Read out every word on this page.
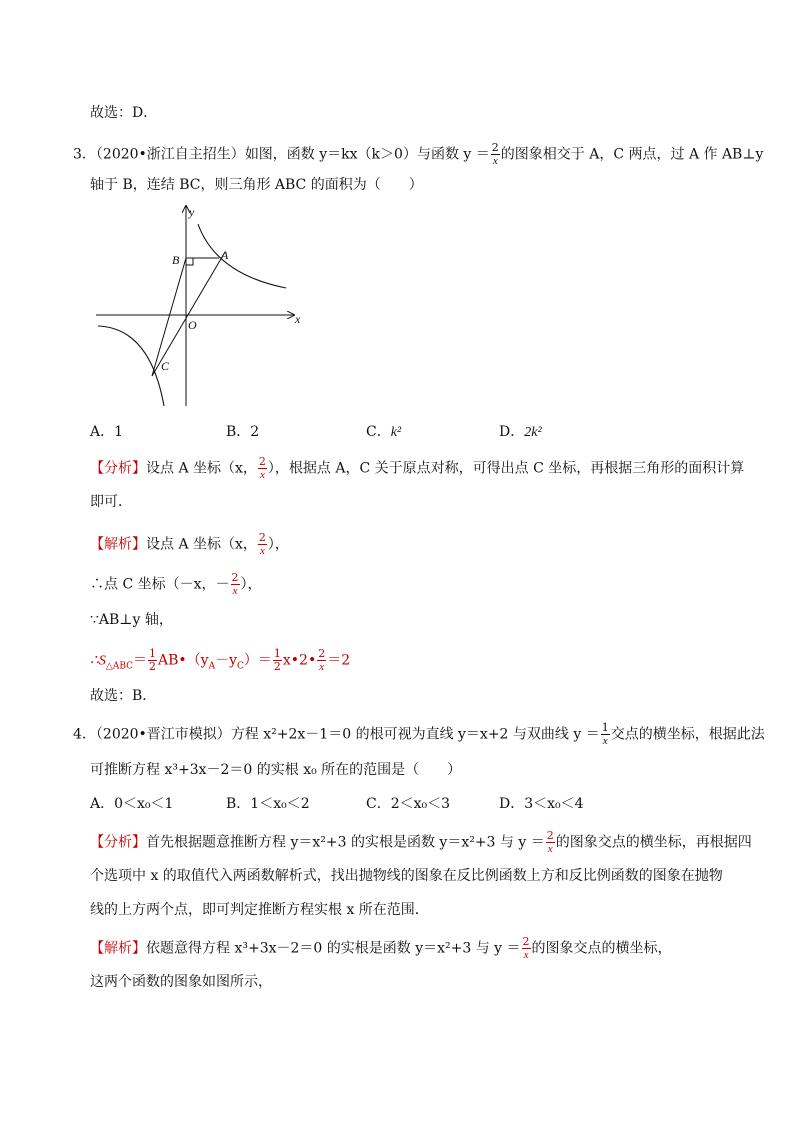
故选：D．
3．（2020•浙江自主招生）如图，函数 y＝kx（k＞0）与函数 $y = \frac{2}{x}$ 的图象相交于 A，C 两点，过 A 作 AB⊥y
轴于 B，连结 BC，则三角形 ABC 的面积为（　　）
y
x
O
A
B
C
A．1	B．2	C．k²	D．2k²
【分析】设点 A 坐标（x， $\frac{2}{x}$ ），根据点 A，C 关于原点对称，可得出点 C 坐标，再根据三角形的面积计算
即可．
【解析】设点 A 坐标（x， $\frac{2}{x}$ ），
∴点 C 坐标（－x，－ $\frac{2}{x}$ ），
∵AB⊥y 轴，
$\therefore S_{\triangle ABC}= \frac{1}{2}$ $AB•(y_A-y_C)= \frac{1}{2}$ x•2• $\frac{2}{x} =2$
故选：B．
4．（2020•晋江市模拟）方程 x²+2x－1＝0 的根可视为直线 y＝x+2 与双曲线 $y = \frac{1}{x}$ 交点的横坐标，根据此法
可推断方程 x³+3x－2＝0 的实根 x₀ 所在的范围是（　　）
A．0＜x₀＜1	B．1＜x₀＜2	C．2＜x₀＜3	D．3＜x₀＜4
【分析】首先根据题意推断方程 y＝x²+3 的实根是函数 y＝x²+3 与 $y = \frac{2}{x}$ 的图象交点的横坐标，再根据四
个选项中 x 的取值代入两函数解析式，找出抛物线的图象在反比例函数上方和反比例函数的图象在抛物
线的上方两个点，即可判定推断方程实根 x 所在范围．
【解析】依题意得方程 x³+3x－2＝0 的实根是函数 y＝x²+3 与 $y = \frac{2}{x}$ 的图象交点的横坐标，
这两个函数的图象如图所示，
